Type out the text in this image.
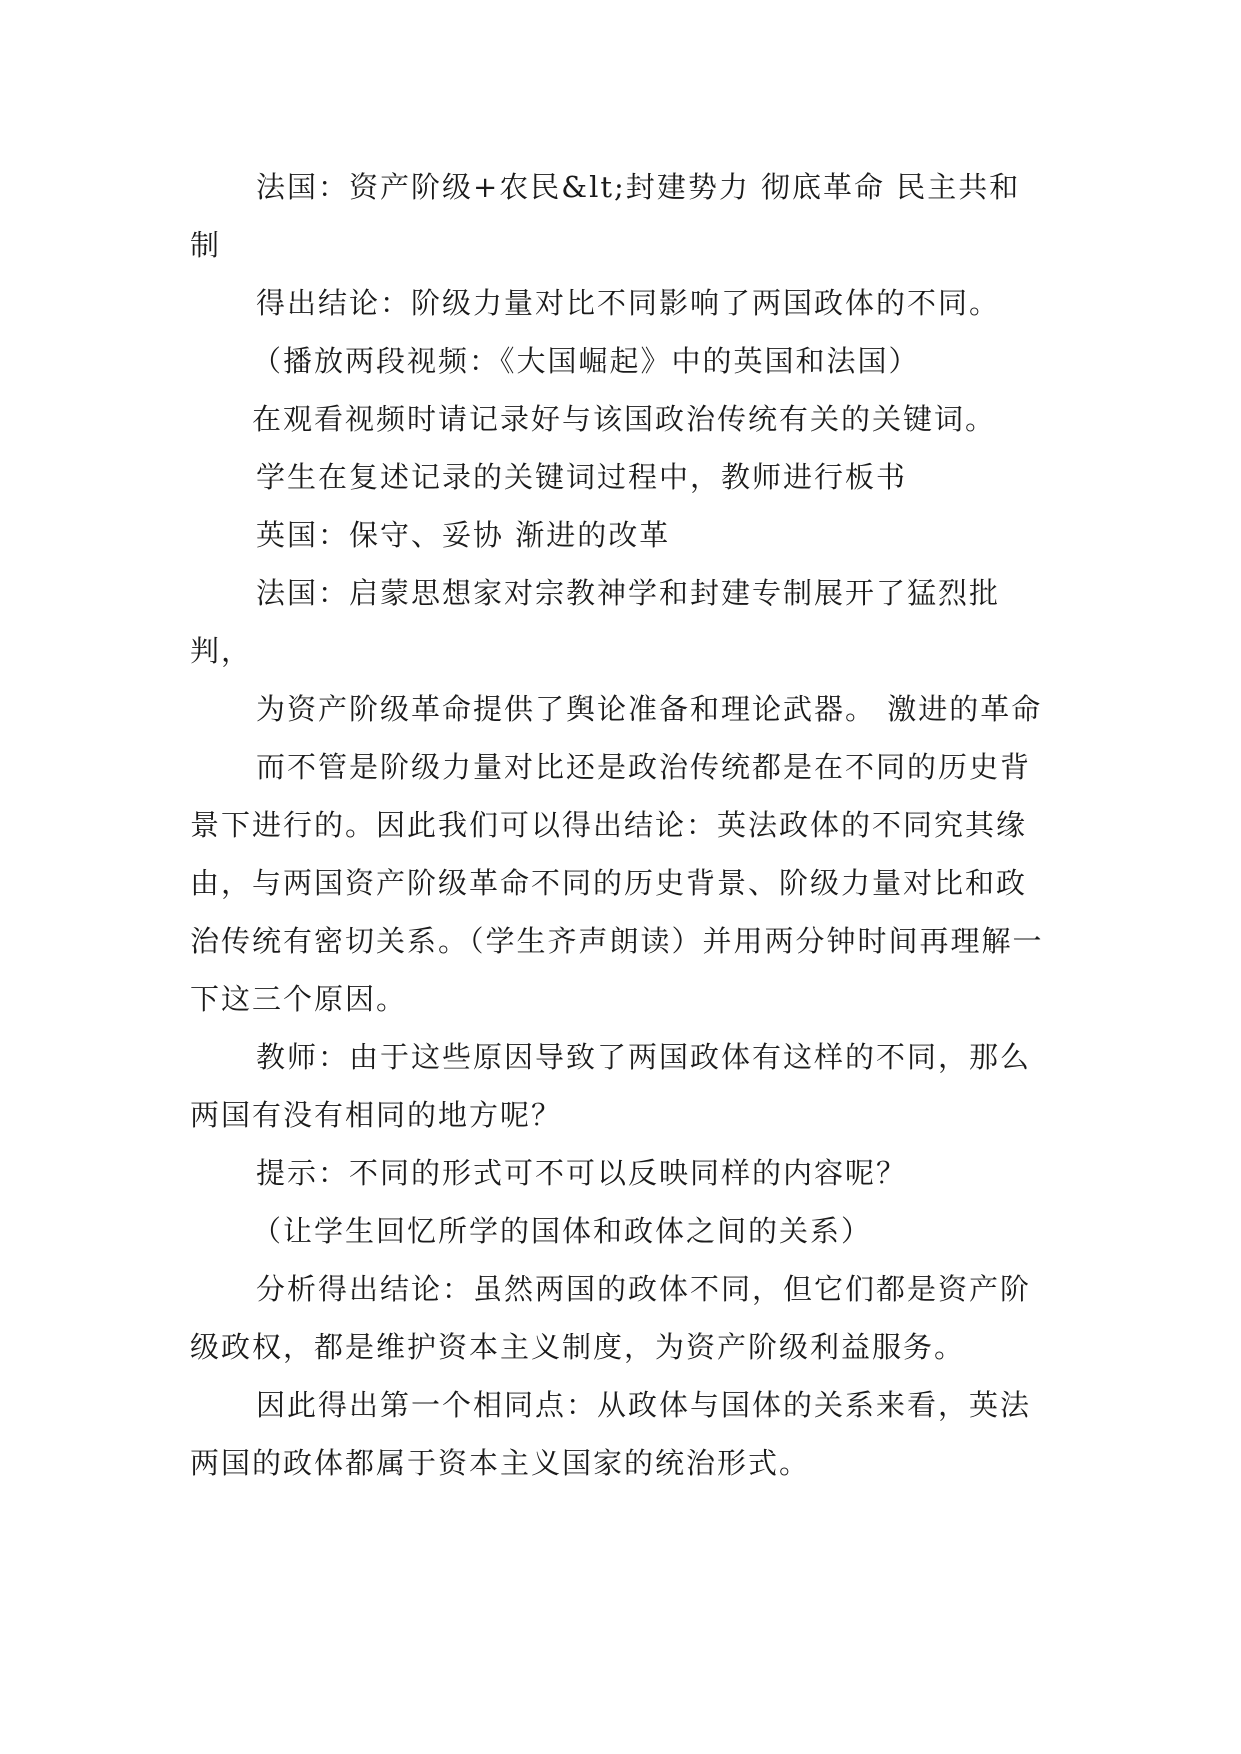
法国：资产阶级+农民&lt;封建势力 彻底革命 民主共和制

得出结论：阶级力量对比不同影响了两国政体的不同。

（播放两段视频：《大国崛起》中的英国和法国）

在观看视频时请记录好与该国政治传统有关的关键词。

学生在复述记录的关键词过程中，教师进行板书

英国：保守、妥协 渐进的改革

法国：启蒙思想家对宗教神学和封建专制展开了猛烈批判，

为资产阶级革命提供了舆论准备和理论武器。 激进的革命

而不管是阶级力量对比还是政治传统都是在不同的历史背景下进行的。因此我们可以得出结论：英法政体的不同究其缘由，与两国资产阶级革命不同的历史背景、阶级力量对比和政治传统有密切关系。（学生齐声朗读）并用两分钟时间再理解一下这三个原因。

教师：由于这些原因导致了两国政体有这样的不同，那么两国有没有相同的地方呢？

提示：不同的形式可不可以反映同样的内容呢？

（让学生回忆所学的国体和政体之间的关系）

分析得出结论：虽然两国的政体不同，但它们都是资产阶级政权，都是维护资本主义制度，为资产阶级利益服务。

因此得出第一个相同点：从政体与国体的关系来看，英法两国的政体都属于资本主义国家的统治形式。
